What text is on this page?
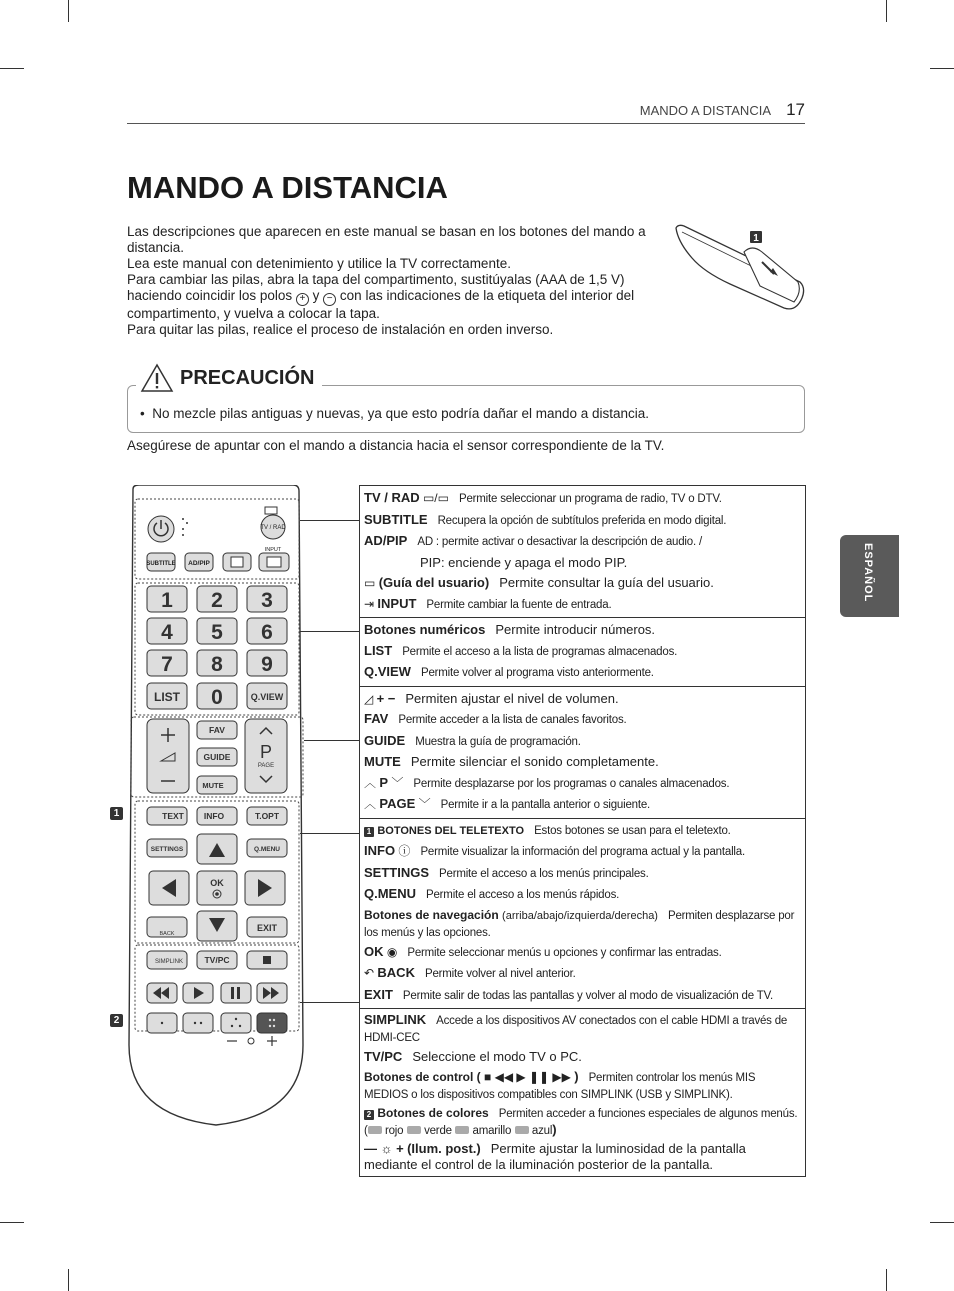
MANDO A DISTANCIA 17
MANDO A DISTANCIA

Las descripciones que aparecen en este manual se basan en los botones del mando a distancia.

Lea este manual con detenimiento y utilice la TV correctamente.

Para cambiar las pilas, abra la tapa del compartimento, sustitúyalas (AAA de 1,5 V) haciendo coincidir los polos + y − con las indicaciones de la etiqueta del interior del compartimento, y vuelva a colocar la tapa.

Para quitar las pilas, realice el proceso de instalación en orden inverso.

1
PRECAUCIÓN
•  No mezcle pilas antiguas y nuevas, ya que esto podría dañar el mando a distancia.
Asegúrese de apuntar con el mando a distancia hacia el sensor correspondiente de la TV.
ESPAÑOL
TV / RAD
INPUT
SUBTITLE AD/PIP
1 2 3
4 5 6
7 8 9
0
LIST	Q.VIEW
FAV
GUIDE
MUTE
P
PAGE
TEXT INFO	T.OPT
SETTINGS	Q.MENU
OK
BACK
EXIT
SIMPLINK	TV/PC
1
2
TV / RAD ▭/▭   Permite seleccionar un programa de radio, TV o DTV.
SUBTITLE Recupera la opción de subtítulos preferida en modo digital.
AD/PIP AD : permite activar o desactivar la descripción de audio. /
PIP: enciende y apaga el modo PIP.
▭ (Guía del usuario) Permite consultar la guía del usuario.
⇥ INPUT Permite cambiar la fuente de entrada.
Botones numéricos Permite introducir números.
LIST Permite el acceso a la lista de programas almacenados.
Q.VIEW Permite volver al programa visto anteriormente.
◿ + − Permiten ajustar el nivel de volumen.
FAV Permite acceder a la lista de canales favoritos.
GUIDE Muestra la guía de programación.
MUTE Permite silenciar el sonido completamente.
︿ P ﹀ Permite desplazarse por los programas o canales almacenados.
︿ PAGE ﹀ Permite ir a la pantalla anterior o siguiente.
1 BOTONES DEL TELETEXTO Estos botones se usan para el teletexto.
INFO ⓘ Permite visualizar la información del programa actual y la pantalla.
SETTINGS Permite el acceso a los menús principales.
Q.MENU Permite el acceso a los menús rápidos.
Botones de navegación (arriba/abajo/izquierda/derecha) Permiten desplazarse por los menús y las opciones.
OK ◉ Permite seleccionar menús u opciones y confirmar las entradas.
↶ BACK Permite volver al nivel anterior.
EXIT Permite salir de todas las pantallas y volver al modo de visualización de TV.
SIMPLINK Accede a los dispositivos AV conectados con el cable HDMI a través de HDMI-CEC
TV/PC Seleccione el modo TV o PC.
Botones de control ( ■ ◀◀ ▶ ❚❚ ▶▶ ) Permiten controlar los menús MIS MEDIOS o los dispositivos compatibles con SIMPLINK (USB y SIMPLINK).
2 Botones de colores Permiten acceder a funciones especiales de algunos menús. ( rojo verde amarillo azul)
— ☼ + (Ilum. post.) Permite ajustar la luminosidad de la pantalla mediante el control de la iluminación posterior de la pantalla.
